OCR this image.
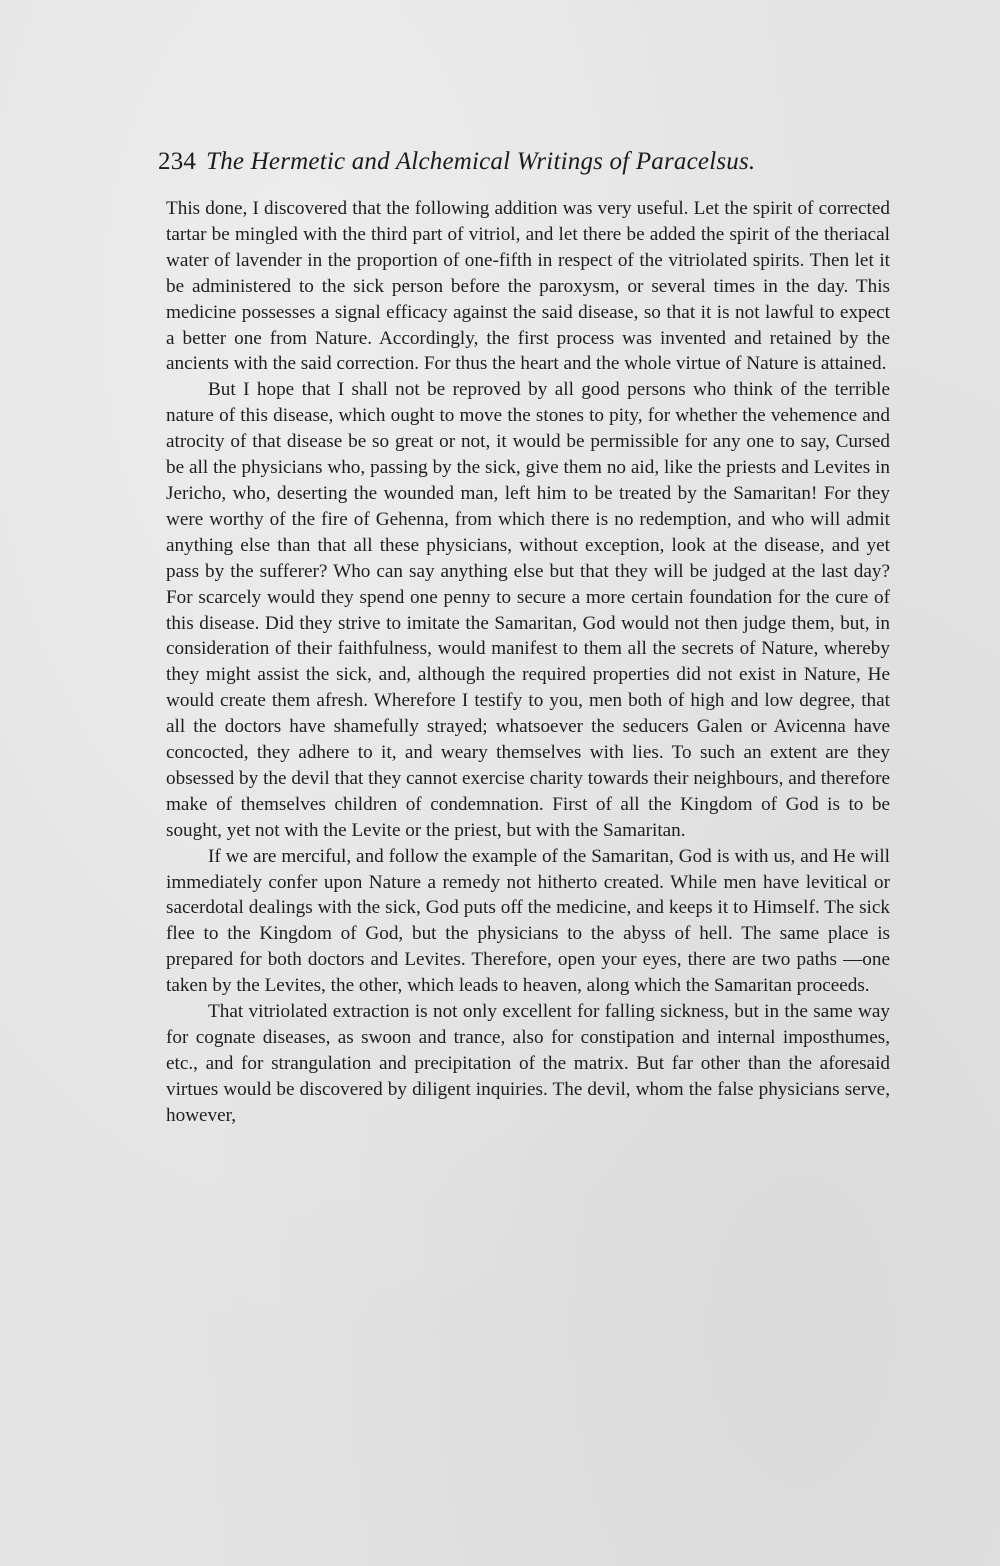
234 The Hermetic and Alchemical Writings of Paracelsus.

This done, I discovered that the following addition was very useful. Let the spirit of corrected tartar be mingled with the third part of vitriol, and let there be added the spirit of the theriacal water of lavender in the proportion of one-fifth in respect of the vitriolated spirits. Then let it be administered to the sick person before the paroxysm, or several times in the day. This medicine possesses a signal efficacy against the said disease, so that it is not lawful to expect a better one from Nature. Accordingly, the first process was invented and retained by the ancients with the said correction. For thus the heart and the whole virtue of Nature is attained.

But I hope that I shall not be reproved by all good persons who think of the terrible nature of this disease, which ought to move the stones to pity, for whether the vehemence and atrocity of that disease be so great or not, it would be permissible for any one to say, Cursed be all the physicians who, passing by the sick, give them no aid, like the priests and Levites in Jericho, who, deserting the wounded man, left him to be treated by the Samaritan! For they were worthy of the fire of Gehenna, from which there is no redemption, and who will admit anything else than that all these physicians, without exception, look at the disease, and yet pass by the sufferer? Who can say anything else but that they will be judged at the last day? For scarcely would they spend one penny to secure a more certain foundation for the cure of this disease. Did they strive to imitate the Samaritan, God would not then judge them, but, in consideration of their faithfulness, would manifest to them all the secrets of Nature, whereby they might assist the sick, and, although the required properties did not exist in Nature, He would create them afresh. Wherefore I testify to you, men both of high and low degree, that all the doctors have shamefully strayed; whatsoever the seducers Galen or Avicenna have concocted, they adhere to it, and weary themselves with lies. To such an extent are they obsessed by the devil that they cannot exercise charity towards their neighbours, and therefore make of themselves children of condemnation. First of all the Kingdom of God is to be sought, yet not with the Levite or the priest, but with the Samaritan.

If we are merciful, and follow the example of the Samaritan, God is with us, and He will immediately confer upon Nature a remedy not hitherto created. While men have levitical or sacerdotal dealings with the sick, God puts off the medicine, and keeps it to Himself. The sick flee to the Kingdom of God, but the physicians to the abyss of hell. The same place is prepared for both doctors and Levites. Therefore, open your eyes, there are two paths —one taken by the Levites, the other, which leads to heaven, along which the Samaritan proceeds.

That vitriolated extraction is not only excellent for falling sickness, but in the same way for cognate diseases, as swoon and trance, also for constipation and internal imposthumes, etc., and for strangulation and precipitation of the matrix. But far other than the aforesaid virtues would be discovered by diligent inquiries. The devil, whom the false physicians serve, however,
